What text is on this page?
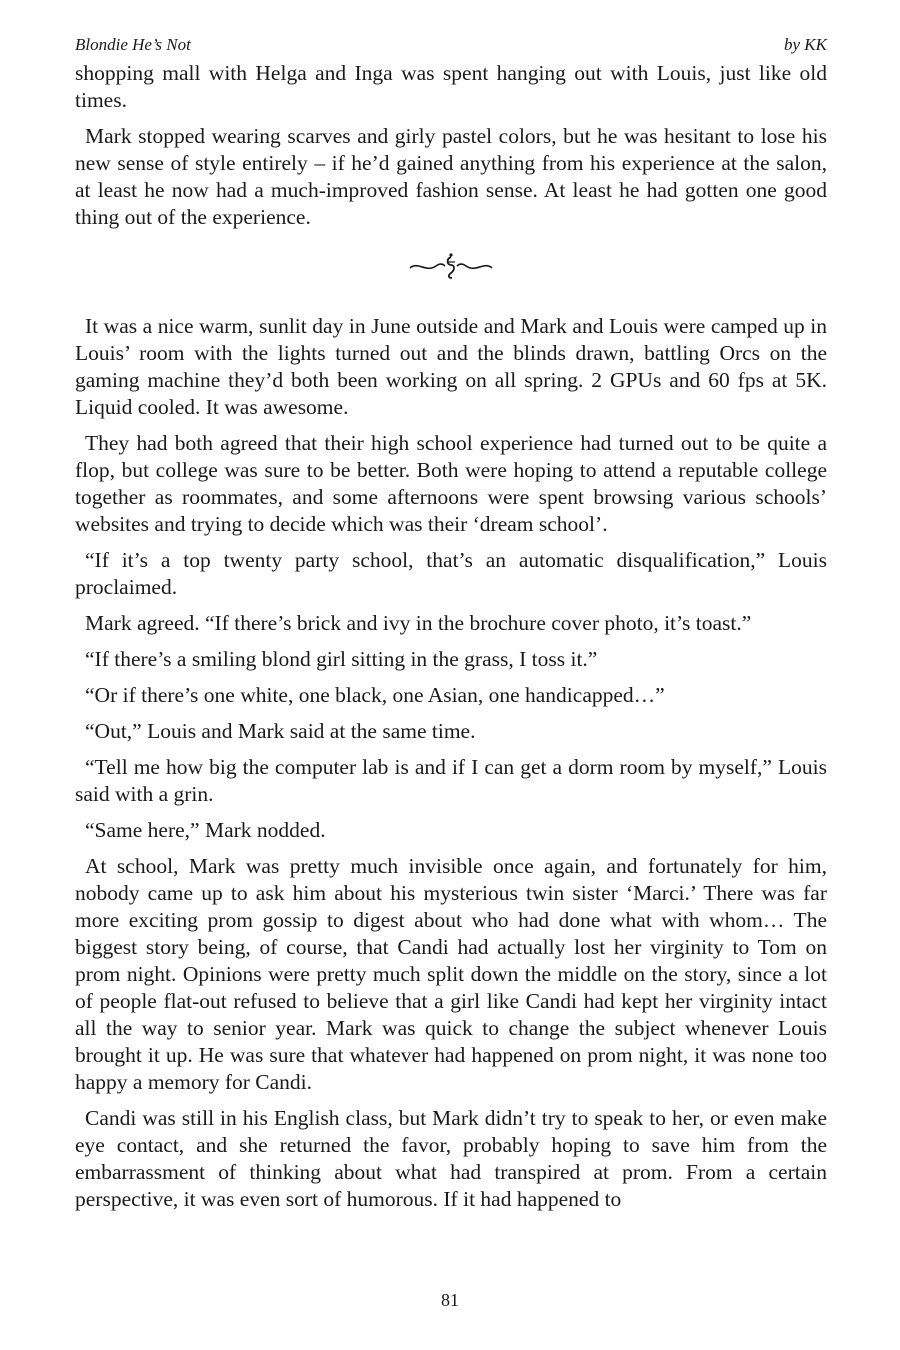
Blondie He’s Not	by KK

shopping mall with Helga and Inga was spent hanging out with Louis, just like old times.

Mark stopped wearing scarves and girly pastel colors, but he was hesitant to lose his new sense of style entirely – if he’d gained anything from his experience at the salon, at least he now had a much-improved fashion sense. At least he had gotten one good thing out of the experience.

It was a nice warm, sunlit day in June outside and Mark and Louis were camped up in Louis’ room with the lights turned out and the blinds drawn, battling Orcs on the gaming machine they’d both been working on all spring. 2 GPUs and 60 fps at 5K. Liquid cooled. It was awesome.

They had both agreed that their high school experience had turned out to be quite a flop, but college was sure to be better. Both were hoping to attend a reputable college together as roommates, and some afternoons were spent browsing various schools’ websites and trying to decide which was their ‘dream school’.

“If it’s a top twenty party school, that’s an automatic disqualification,” Louis proclaimed.

Mark agreed. “If there’s brick and ivy in the brochure cover photo, it’s toast.”

“If there’s a smiling blond girl sitting in the grass, I toss it.”

“Or if there’s one white, one black, one Asian, one handicapped…”

“Out,” Louis and Mark said at the same time.

“Tell me how big the computer lab is and if I can get a dorm room by myself,” Louis said with a grin.

“Same here,” Mark nodded.

At school, Mark was pretty much invisible once again, and fortunately for him, nobody came up to ask him about his mysterious twin sister ‘Marci.’ There was far more exciting prom gossip to digest about who had done what with whom… The biggest story being, of course, that Candi had actually lost her virginity to Tom on prom night. Opinions were pretty much split down the middle on the story, since a lot of people flat-out refused to believe that a girl like Candi had kept her virginity intact all the way to senior year. Mark was quick to change the subject whenever Louis brought it up. He was sure that whatever had happened on prom night, it was none too happy a memory for Candi.

Candi was still in his English class, but Mark didn’t try to speak to her, or even make eye contact, and she returned the favor, probably hoping to save him from the embarrassment of thinking about what had transpired at prom. From a certain perspective, it was even sort of humorous. If it had happened to

81
